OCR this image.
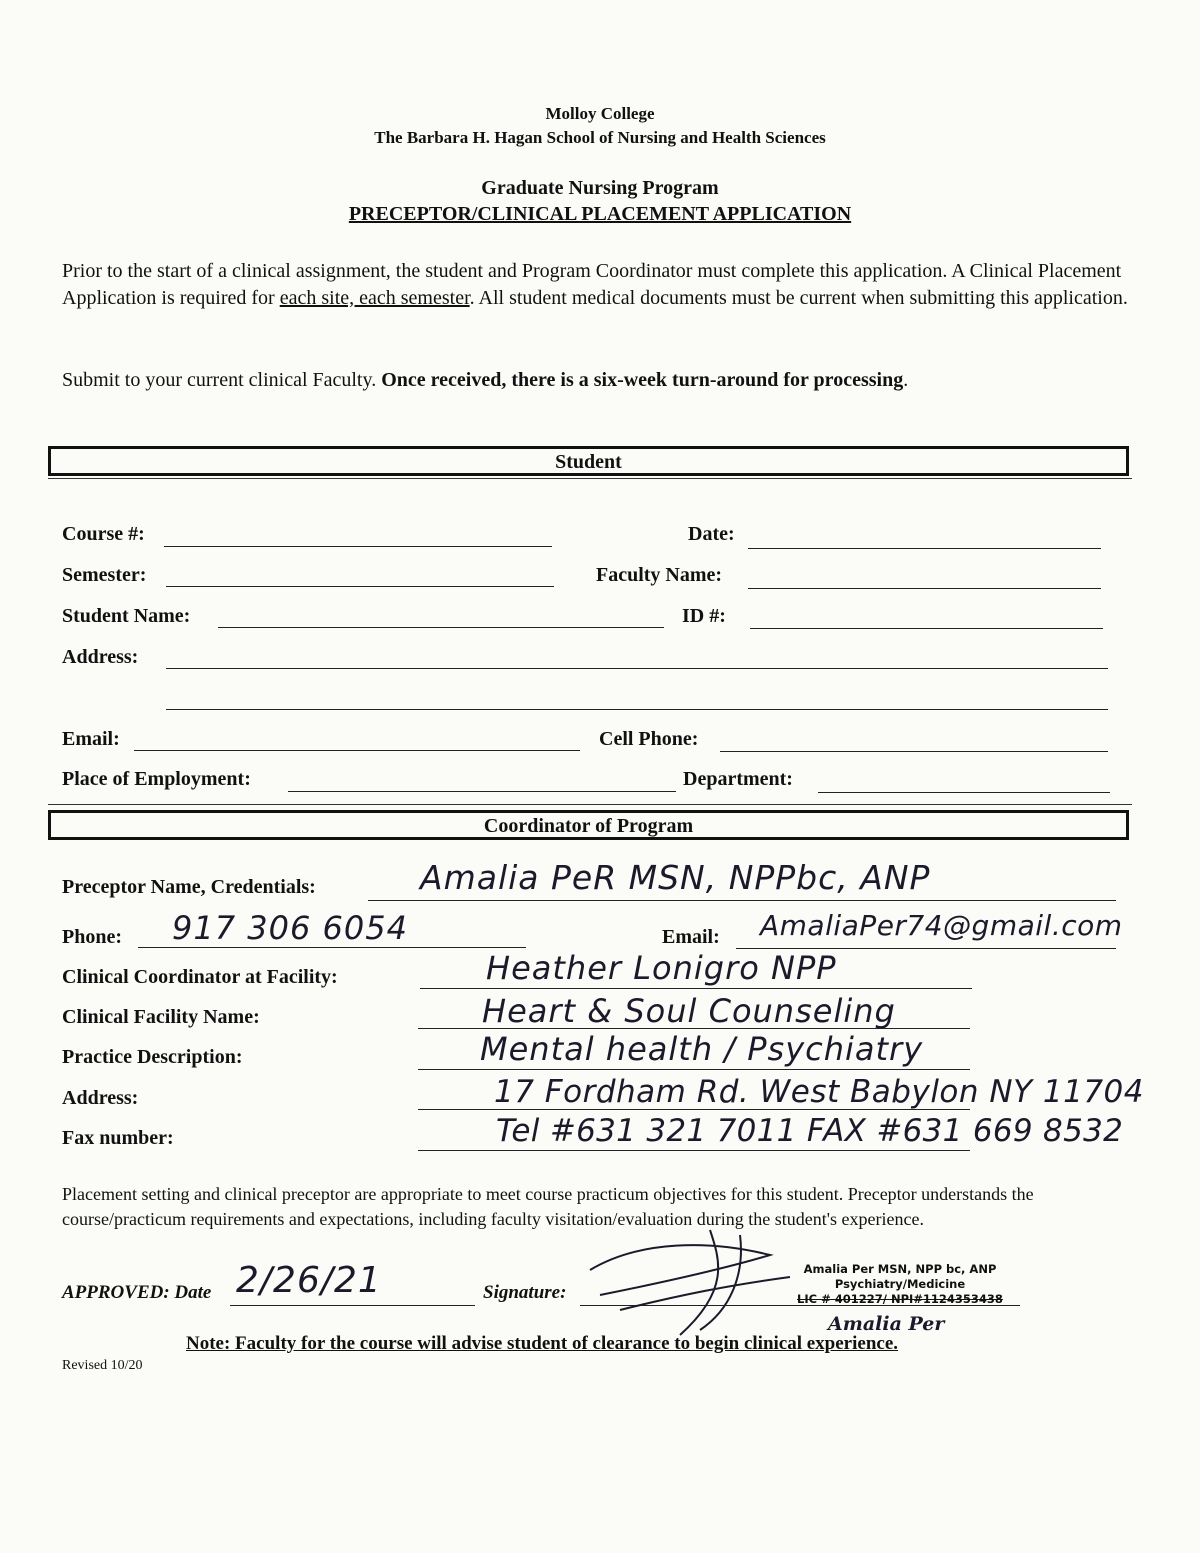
Molloy College
The Barbara H. Hagan School of Nursing and Health Sciences
Graduate Nursing Program
PRECEPTOR/CLINICAL PLACEMENT APPLICATION
Prior to the start of a clinical assignment, the student and Program Coordinator must complete this application. A Clinical Placement Application is required for each site, each semester. All student medical documents must be current when submitting this application.
Submit to your current clinical Faculty. Once received, there is a six-week turn-around for processing.
Student
Course #:	Date:
Semester:	Faculty Name:
Student Name:	ID #:
Address:
Email:	Cell Phone:
Place of Employment:	Department:
Coordinator of Program
Preceptor Name, Credentials:	Amalia PeR MSN, NPPbc, ANP
Phone: 917 306 6054	Email: AmaliaPer74@gmail.com
Clinical Coordinator at Facility:	Heather Lonigro NPP
Clinical Facility Name:	Heart & Soul Counseling
Practice Description:	Mental health / Psychiatry
Address:	17 Fordham Rd. West Babylon NY 11704
Fax number:	Tel #631 321 7011 FAX #631 669 8532
Placement setting and clinical preceptor are appropriate to meet course practicum objectives for this student. Preceptor understands the course/practicum requirements and expectations, including faculty visitation/evaluation during the student's experience.
APPROVED: Date 2/26/21	Signature:
Amalia Per MSN, NPP bc, ANP
Psychiatry/Medicine
LIC # 401227/ NPI#1124353438
Amalia Per
Note: Faculty for the course will advise student of clearance to begin clinical experience.
Revised 10/20
